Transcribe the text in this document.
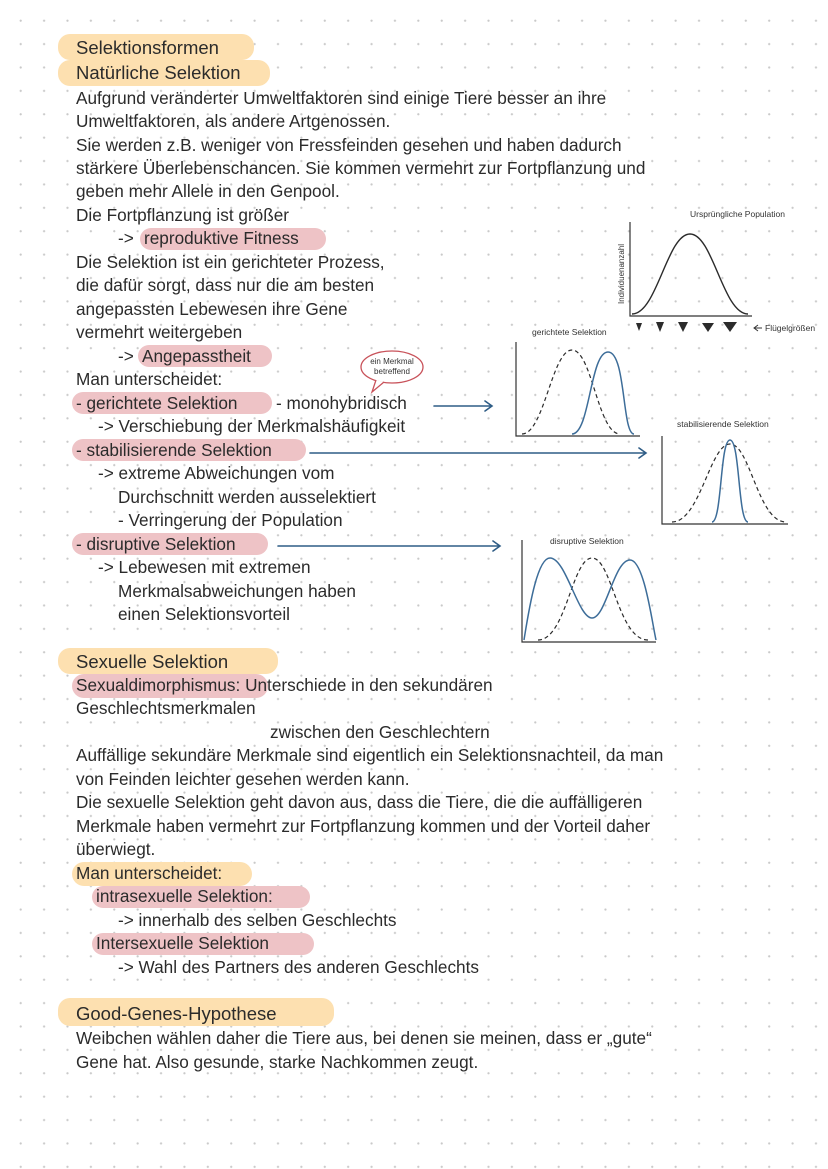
Selektionsformen

Natürliche Selektion

Aufgrund veränderter Umweltfaktoren sind einige Tiere besser an ihre

Umweltfaktoren, als andere Artgenossen.

Sie werden z.B. weniger von Fressfeinden gesehen und haben dadurch

stärkere Überlebenschancen. Sie kommen vermehrt zur Fortpflanzung und

geben mehr Allele in den Genpool.

Die Fortpflanzung ist größer

-> reproduktive Fitness

Die Selektion ist ein gerichteter Prozess,

die dafür sorgt, dass nur die am besten

angepassten Lebewesen ihre Gene

vermehrt weitergeben

-> Angepasstheit

Man unterscheidet:

ein Merkmal
betreffend

- gerichtete Selektion - monohybridisch

-> Verschiebung der Merkmalshäufigkeit

- stabilisierende Selektion

-> extreme Abweichungen vom

Durchschnitt werden ausselektiert

- Verringerung der Population

- disruptive Selektion

-> Lebewesen mit extremen

Merkmalsabweichungen haben

einen Selektionsvorteil

Ursprüngliche Population
Individuenanzahl
Flügelgrößen
gerichtete Selektion
stabilisierende Selektion
disruptive Selektion

Sexuelle Selektion

Sexualdimorphismus: Unterschiede in den sekundären

Geschlechtsmerkmalen

zwischen den Geschlechtern

Auffällige sekundäre Merkmale sind eigentlich ein Selektionsnachteil, da man

von Feinden leichter gesehen werden kann.

Die sexuelle Selektion geht davon aus, dass die Tiere, die die auffälligeren

Merkmale haben vermehrt zur Fortpflanzung kommen und der Vorteil daher

überwiegt.

Man unterscheidet:

intrasexuelle Selektion:

-> innerhalb des selben Geschlechts

Intersexuelle Selektion

-> Wahl des Partners des anderen Geschlechts

Good-Genes-Hypothese

Weibchen wählen daher die Tiere aus, bei denen sie meinen, dass er „gute“

Gene hat. Also gesunde, starke Nachkommen zeugt.
